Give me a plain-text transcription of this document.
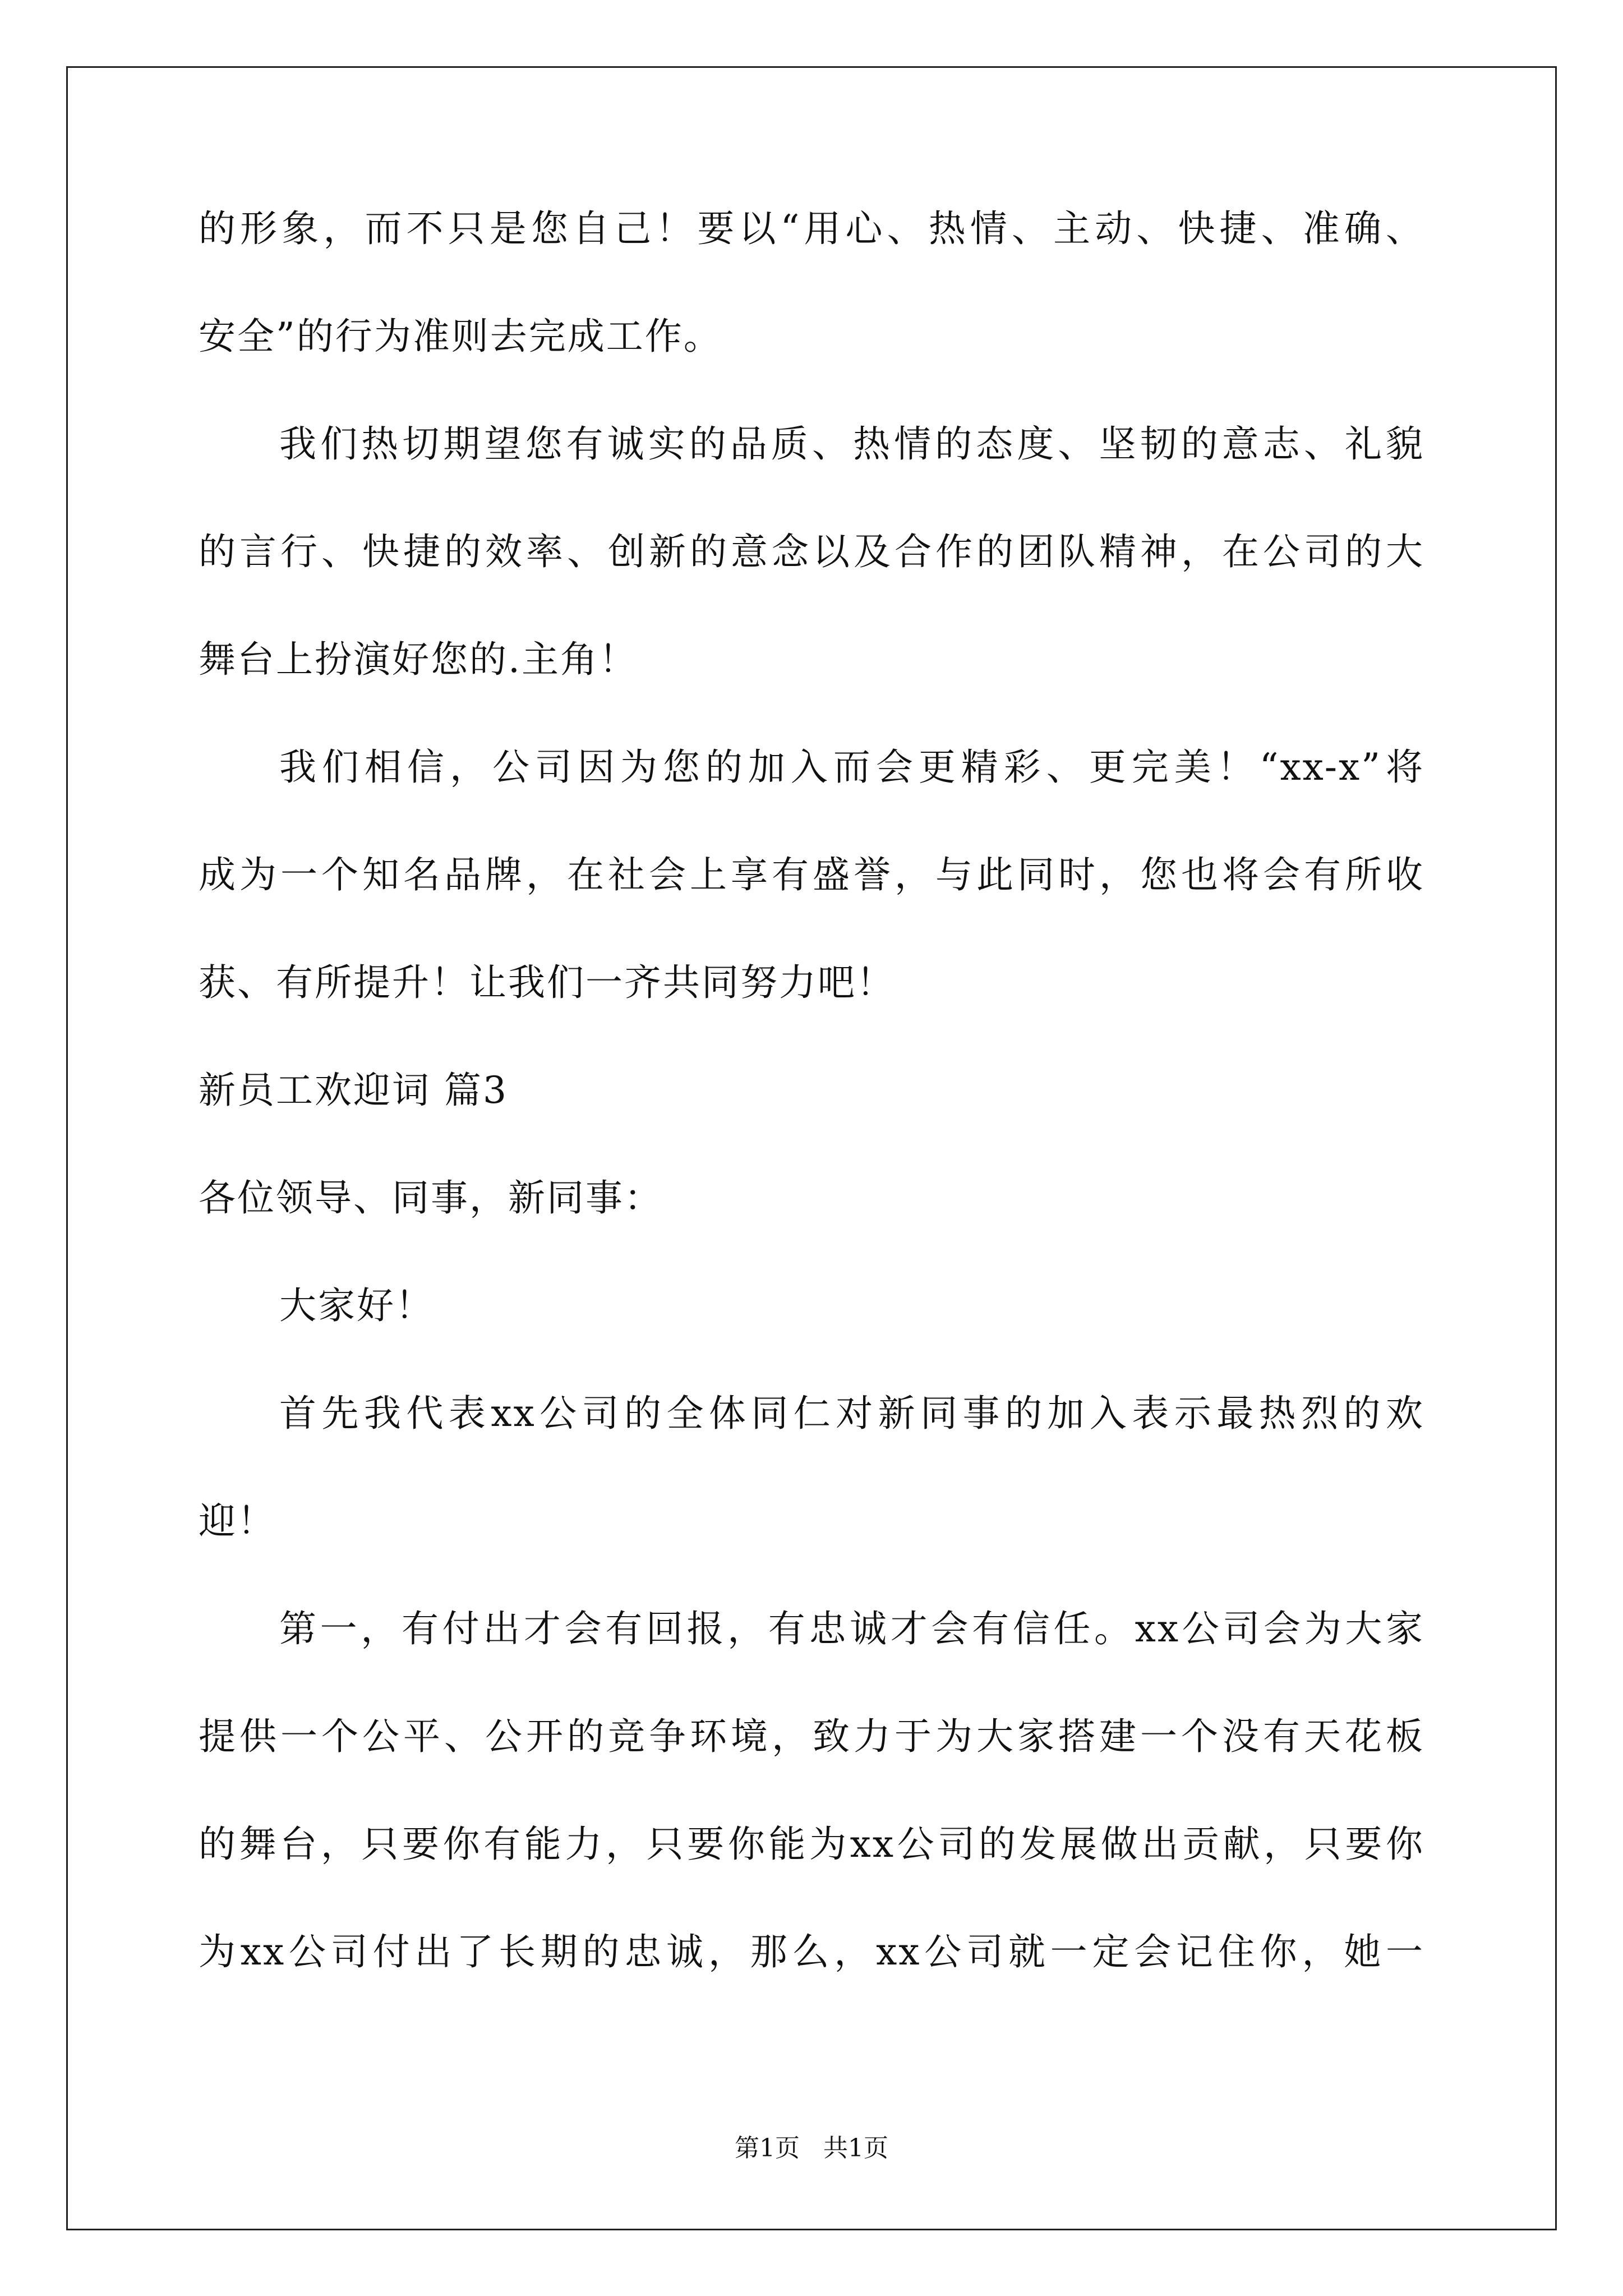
的形象，而不只是您自己！要以“用心、热情、主动、快捷、准确、
安全”的行为准则去完成工作。
我们热切期望您有诚实的品质、热情的态度、坚韧的意志、礼貌
的言行、快捷的效率、创新的意念以及合作的团队精神，在公司的大
舞台上扮演好您的.主角！
我们相信，公司因为您的加入而会更精彩、更完美！“xx-x”将
成为一个知名品牌，在社会上享有盛誉，与此同时，您也将会有所收
获、有所提升！让我们一齐共同努力吧！
新员工欢迎词 篇3
各位领导、同事，新同事：
大家好！
首先我代表xx公司的全体同仁对新同事的加入表示最热烈的欢
迎！
第一，有付出才会有回报，有忠诚才会有信任。xx公司会为大家
提供一个公平、公开的竞争环境，致力于为大家搭建一个没有天花板
的舞台，只要你有能力，只要你能为xx公司的发展做出贡献，只要你
为xx公司付出了长期的忠诚，那么，xx公司就一定会记住你，她一
第1页   共1页
